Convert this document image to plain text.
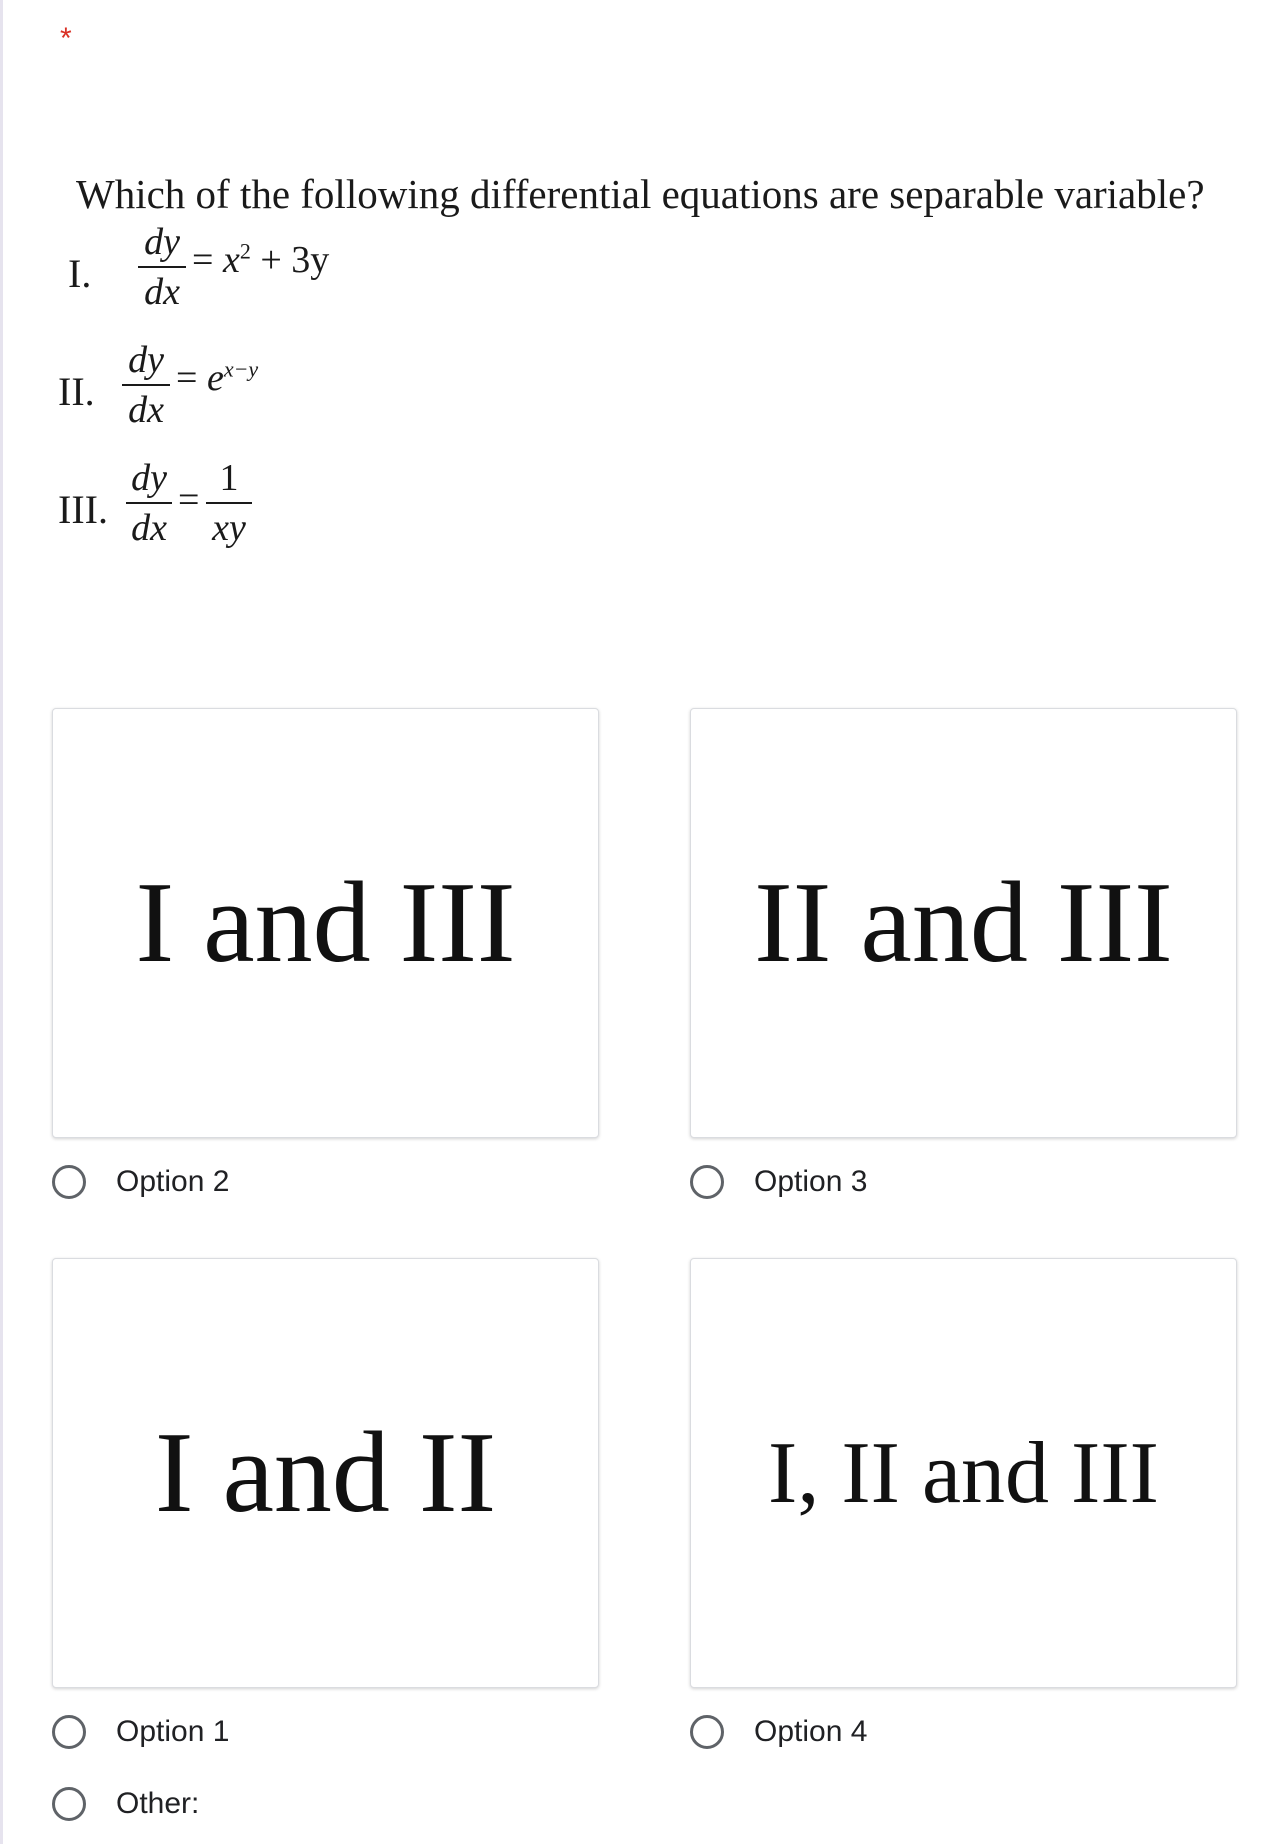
*
Which of the following differential equations are separable variable?
I.
dy
dx
= $x^2 + 3y$
II.
dy
dx
= $e^{x-y}$
III.
dy
dx
=
1
xy
I and III
Option 2
II and III
Option 3
I and II
Option 1
I, II and III
Option 4
Other:
